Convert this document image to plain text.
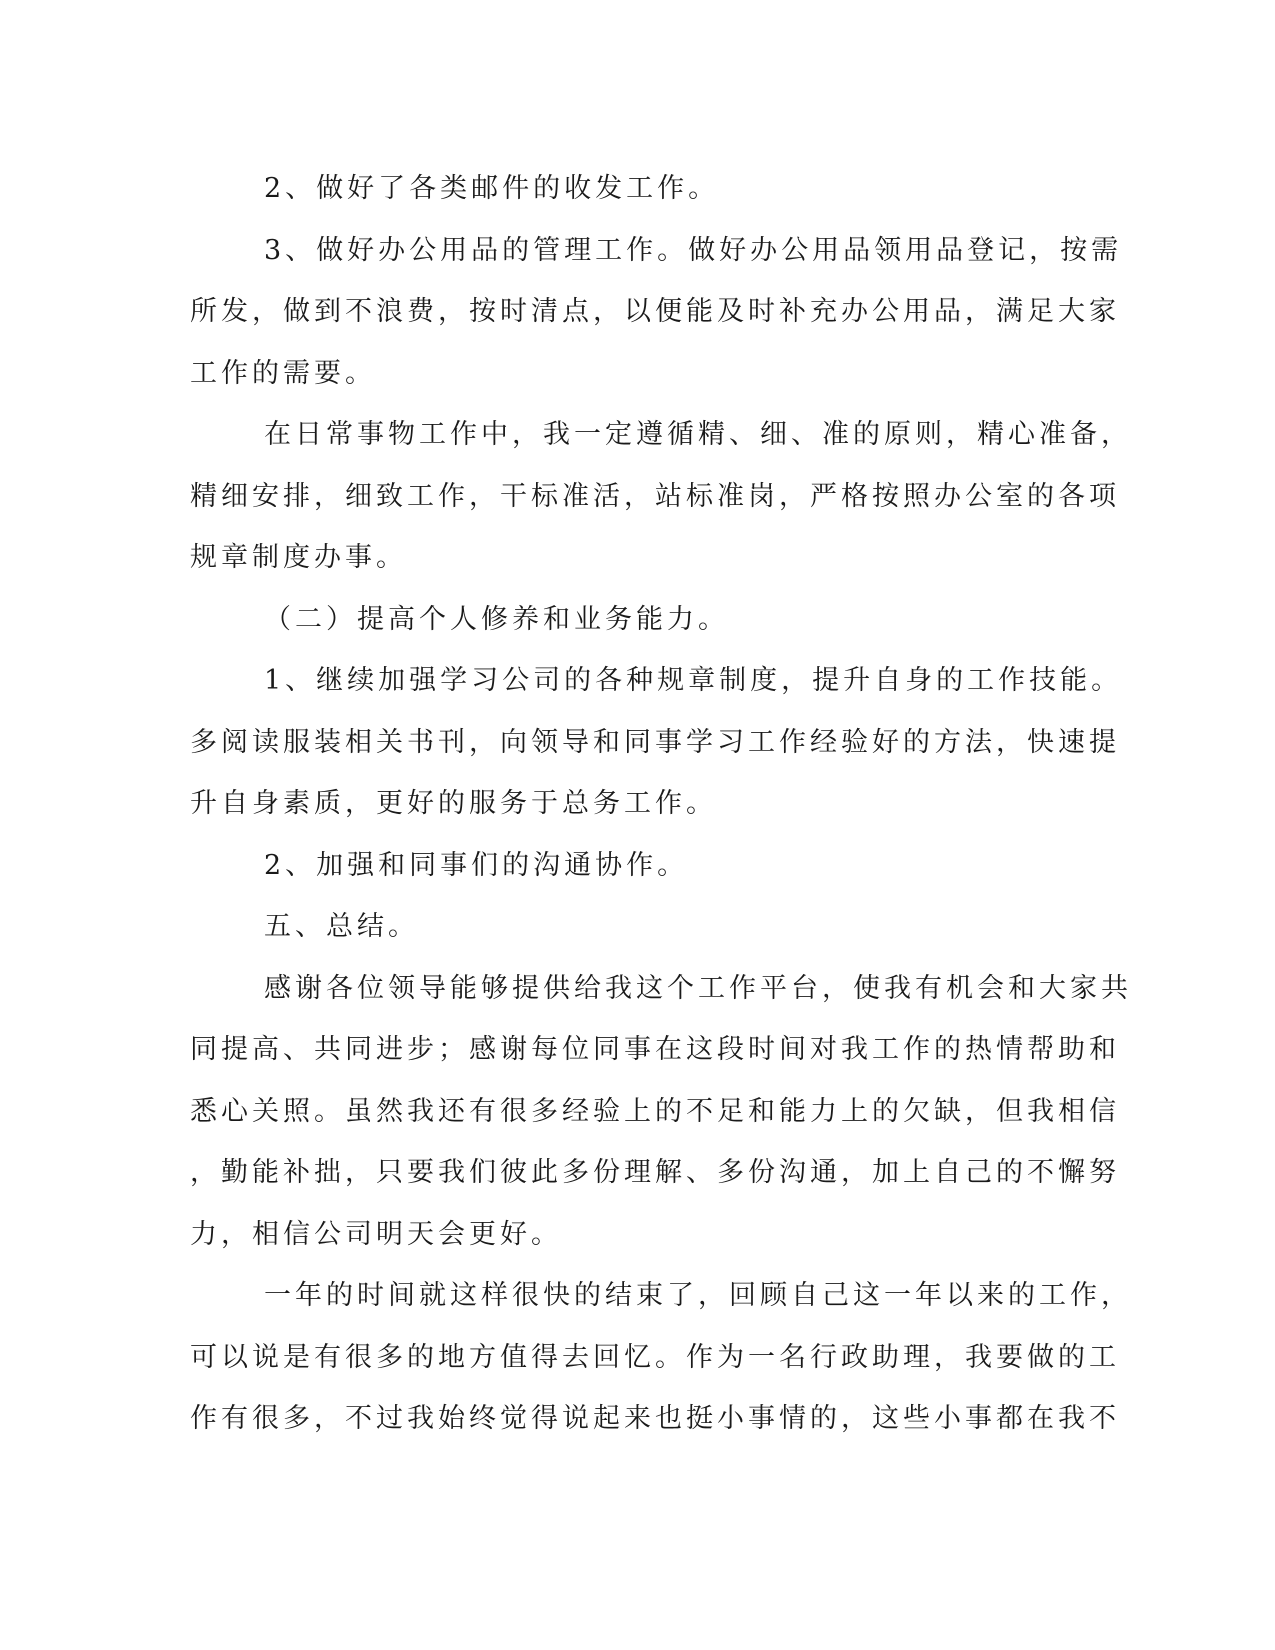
2、做好了各类邮件的收发工作。
3、做好办公用品的管理工作。做好办公用品领用品登记，按需
所发，做到不浪费，按时清点，以便能及时补充办公用品，满足大家
工作的需要。
在日常事物工作中，我一定遵循精、细、准的原则，精心准备，
精细安排，细致工作，干标准活，站标准岗，严格按照办公室的各项
规章制度办事。
（二）提高个人修养和业务能力。
1、继续加强学习公司的各种规章制度，提升自身的工作技能。
多阅读服装相关书刊，向领导和同事学习工作经验好的方法，快速提
升自身素质，更好的服务于总务工作。
2、加强和同事们的沟通协作。
五、总结。
感谢各位领导能够提供给我这个工作平台，使我有机会和大家共
同提高、共同进步；感谢每位同事在这段时间对我工作的热情帮助和
悉心关照。虽然我还有很多经验上的不足和能力上的欠缺，但我相信
，勤能补拙，只要我们彼此多份理解、多份沟通，加上自己的不懈努
力，相信公司明天会更好。
一年的时间就这样很快的结束了，回顾自己这一年以来的工作，
可以说是有很多的地方值得去回忆。作为一名行政助理，我要做的工
作有很多，不过我始终觉得说起来也挺小事情的，这些小事都在我不
